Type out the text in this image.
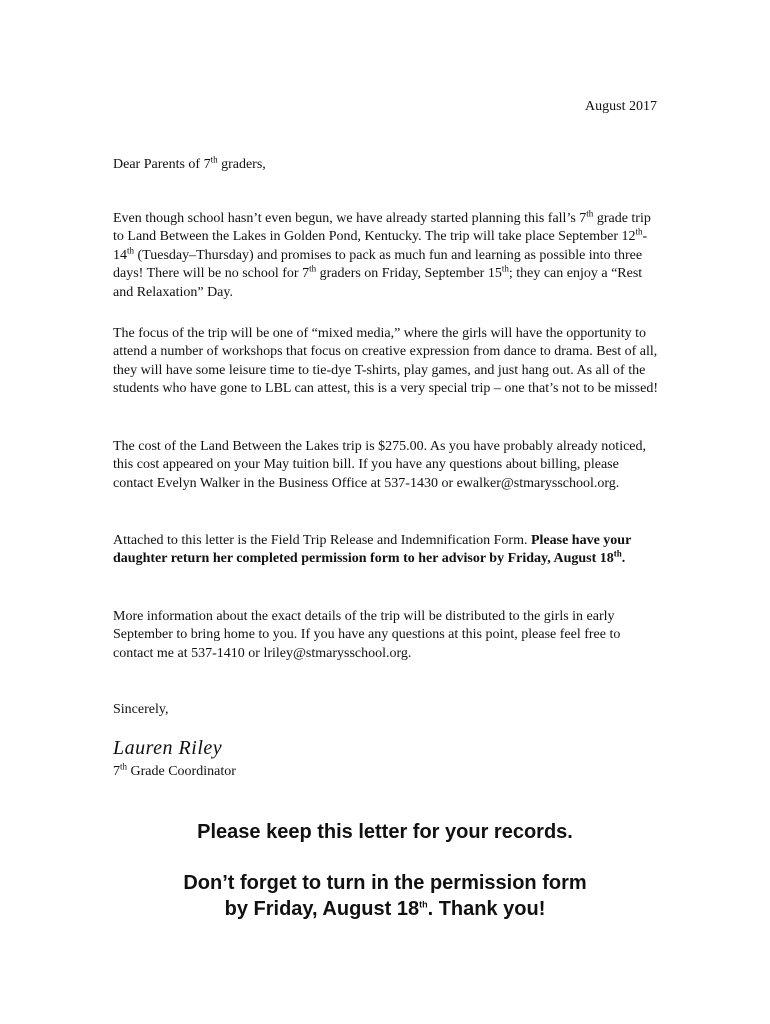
August 2017
Dear Parents of 7th graders,

Even though school hasn’t even begun, we have already started planning this fall’s 7th grade trip to Land Between the Lakes in Golden Pond, Kentucky. The trip will take place September 12th-14th (Tuesday–Thursday) and promises to pack as much fun and learning as possible into three days! There will be no school for 7th graders on Friday, September 15th; they can enjoy a “Rest and Relaxation” Day.

The focus of the trip will be one of “mixed media,” where the girls will have the opportunity to attend a number of workshops that focus on creative expression from dance to drama. Best of all, they will have some leisure time to tie-dye T-shirts, play games, and just hang out. As all of the students who have gone to LBL can attest, this is a very special trip – one that’s not to be missed!

The cost of the Land Between the Lakes trip is $275.00. As you have probably already noticed, this cost appeared on your May tuition bill. If you have any questions about billing, please contact Evelyn Walker in the Business Office at 537-1430 or ewalker@stmarysschool.org.

Attached to this letter is the Field Trip Release and Indemnification Form. Please have your daughter return her completed permission form to her advisor by Friday, August 18th.

More information about the exact details of the trip will be distributed to the girls in early September to bring home to you. If you have any questions at this point, please feel free to contact me at 537-1410 or lriley@stmarysschool.org.

Sincerely,
Lauren Riley
7th Grade Coordinator
Please keep this letter for your records.
Don’t forget to turn in the permission form
by Friday, August 18th. Thank you!
